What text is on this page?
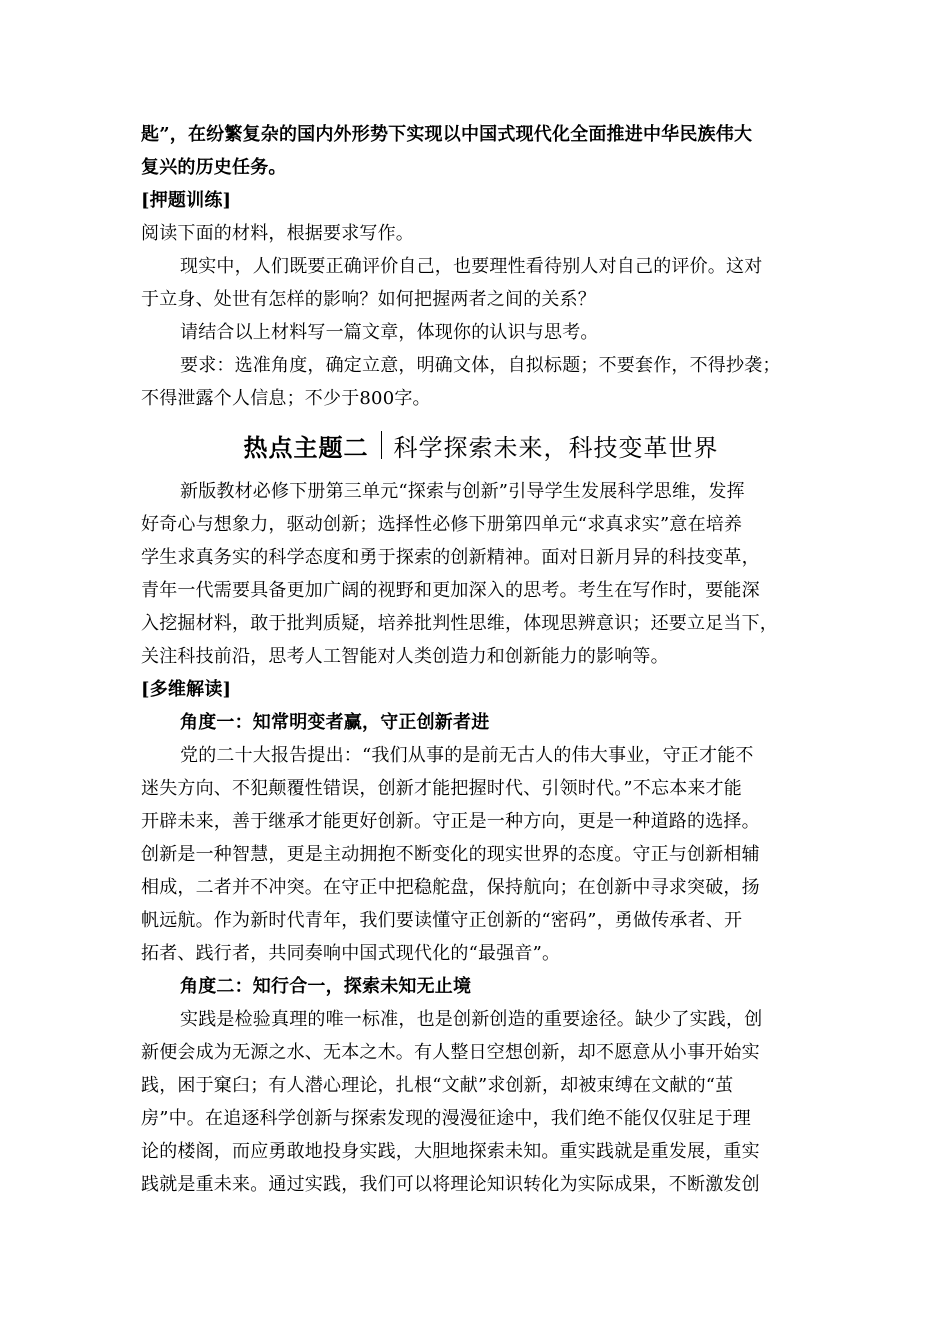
匙”，在纷繁复杂的国内外形势下实现以中国式现代化全面推进中华民族伟大
复兴的历史任务。
[押题训练]
阅读下面的材料，根据要求写作。
现实中，人们既要正确评价自己，也要理性看待别人对自己的评价。这对
于立身、处世有怎样的影响？如何把握两者之间的关系？
请结合以上材料写一篇文章，体现你的认识与思考。
要求：选准角度，确定立意，明确文体，自拟标题；不要套作，不得抄袭；
不得泄露个人信息；不少于800字。
热点主题二 科学探索未来，科技变革世界
新版教材必修下册第三单元“探索与创新”引导学生发展科学思维，发挥
好奇心与想象力，驱动创新；选择性必修下册第四单元“求真求实”意在培养
学生求真务实的科学态度和勇于探索的创新精神。面对日新月异的科技变革，
青年一代需要具备更加广阔的视野和更加深入的思考。考生在写作时，要能深
入挖掘材料，敢于批判质疑，培养批判性思维，体现思辨意识；还要立足当下，
关注科技前沿，思考人工智能对人类创造力和创新能力的影响等。
[多维解读]
角度一：知常明变者赢，守正创新者进
党的二十大报告提出：“我们从事的是前无古人的伟大事业，守正才能不
迷失方向、不犯颠覆性错误，创新才能把握时代、引领时代。”不忘本来才能
开辟未来，善于继承才能更好创新。守正是一种方向，更是一种道路的选择。
创新是一种智慧，更是主动拥抱不断变化的现实世界的态度。守正与创新相辅
相成，二者并不冲突。在守正中把稳舵盘，保持航向；在创新中寻求突破，扬
帆远航。作为新时代青年，我们要读懂守正创新的“密码”，勇做传承者、开
拓者、践行者，共同奏响中国式现代化的“最强音”。
角度二：知行合一，探索未知无止境
实践是检验真理的唯一标准，也是创新创造的重要途径。缺少了实践，创
新便会成为无源之水、无本之木。有人整日空想创新，却不愿意从小事开始实
践，困于窠臼；有人潜心理论，扎根“文献”求创新，却被束缚在文献的“茧
房”中。在追逐科学创新与探索发现的漫漫征途中，我们绝不能仅仅驻足于理
论的楼阁，而应勇敢地投身实践，大胆地探索未知。重实践就是重发展，重实
践就是重未来。通过实践，我们可以将理论知识转化为实际成果，不断激发创
